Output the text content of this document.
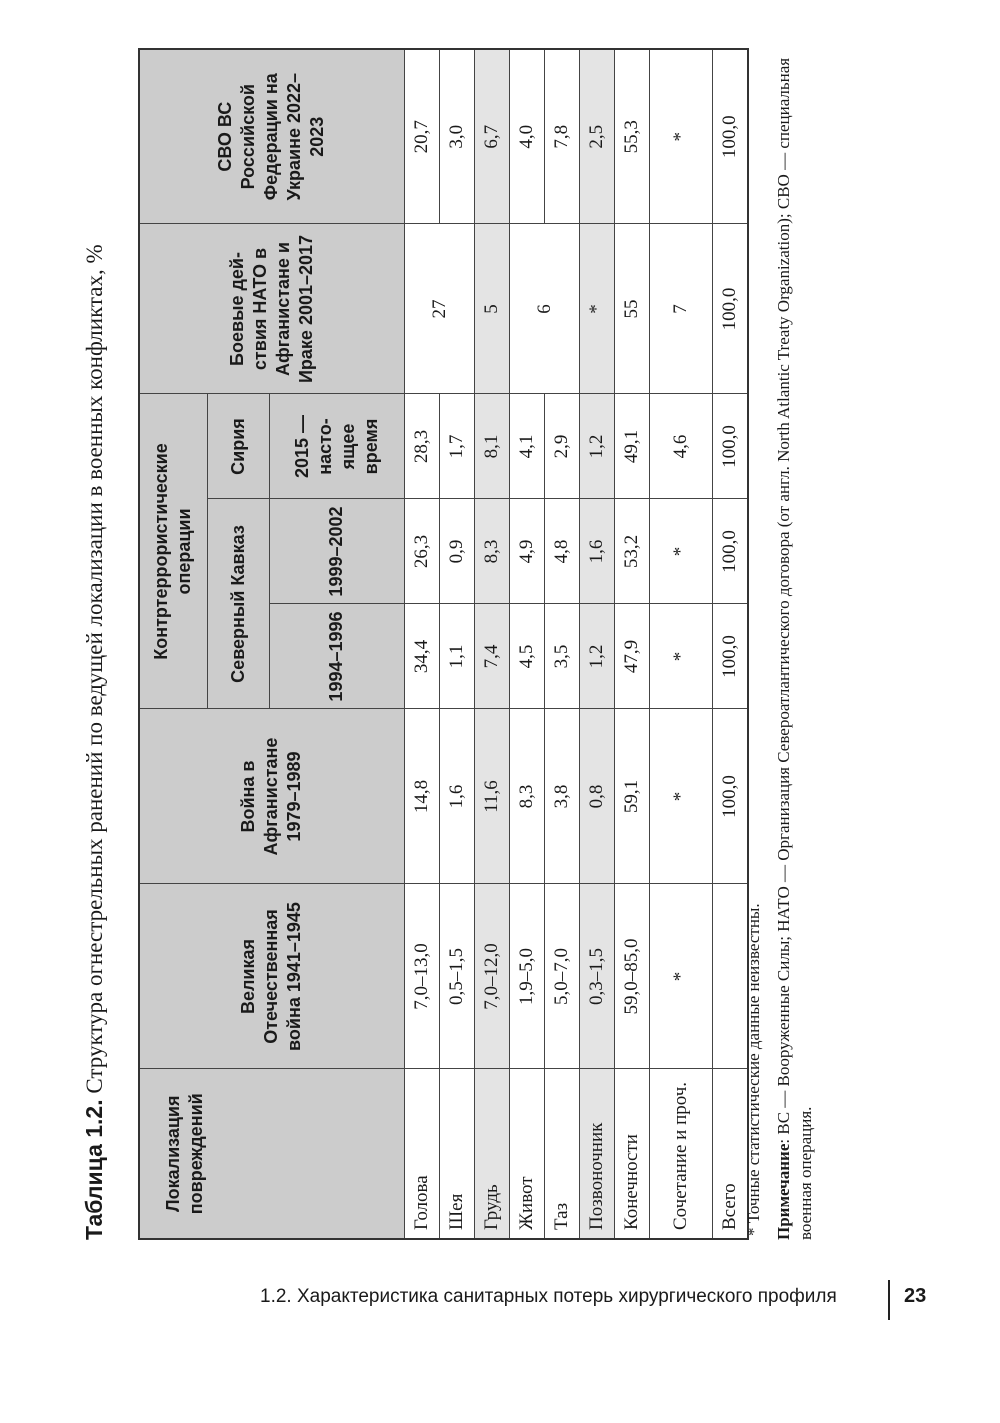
Таблица 1.2. Структура огнестрельных ранений по ведущей локализации в военных конфликтах, %
Локализация повреждений	Великая Отечественная война 1941–1945	Война в Афганистане 1979–1989	Контртеррористические операции			Боевые дей- ствия НАТО в Афганистане и Ираке 2001–2017	СВО ВС Российской Федерации на Украине 2022–2023
			Северный Кавказ		Сирия		
			1994–1996	1999–2002	2015 — насто- ящее время		
Голова	7,0–13,0	14,8	34,4	26,3	28,3	27	20,7
Шея	0,5–1,5	1,6	1,1	0,9	1,7		3,0
Грудь	7,0–12,0	11,6	7,4	8,3	8,1	5	6,7
Живот	1,9–5,0	8,3	4,5	4,9	4,1	6	4,0
Таз	5,0–7,0	3,8	3,5	4,8	2,9		7,8
Позвоночник	0,3–1,5	0,8	1,2	1,6	1,2	*	2,5
Конечности	59,0–85,0	59,1	47,9	53,2	49,1	55	55,3
Сочетание и проч.	*	*	*	*	4,6	7	*
Всего		100,0	100,0	100,0	100,0	100,0	100,0

* Точные статистические данные неизвестны. Примечание: ВС — Вооруженные Силы; НАТО — Организация Североатлантического договора (от англ. North Atlantic Treaty Organization); СВО — специальная военная операция.

1.2. Характеристика санитарных потерь хирургического профиля	23
